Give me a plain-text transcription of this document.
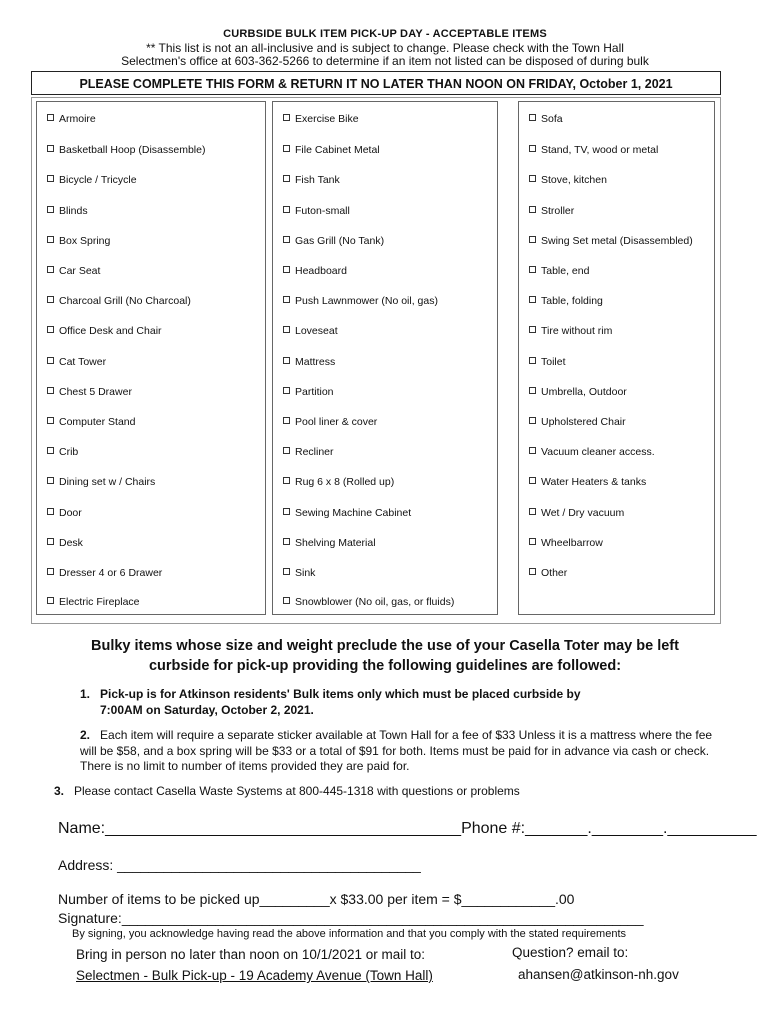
CURBSIDE BULK ITEM PICK-UP DAY - ACCEPTABLE ITEMS
** This list is not an all-inclusive and is subject to change. Please check with the Town Hall
Selectmen's office at 603-362-5266 to determine if an item not listed can be disposed of during bulk
PLEASE COMPLETE THIS FORM & RETURN IT NO LATER THAN NOON ON FRIDAY, October 1, 2021
Armoire
Basketball Hoop (Disassemble)
Bicycle / Tricycle
Blinds
Box Spring
Car Seat
Charcoal Grill (No Charcoal)
Office Desk and Chair
Cat Tower
Chest 5 Drawer
Computer Stand
Crib
Dining set w / Chairs
Door
Desk
Dresser 4 or 6 Drawer
Electric Fireplace
Exercise Bike
File Cabinet Metal
Fish Tank
Futon-small
Gas Grill (No Tank)
Headboard
Push Lawnmower (No oil, gas)
Loveseat
Mattress
Partition
Pool liner & cover
Recliner
Rug 6 x 8 (Rolled up)
Sewing Machine Cabinet
Shelving Material
Sink
Snowblower (No oil, gas, or fluids)
Sofa
Stand, TV, wood or metal
Stove, kitchen
Stroller
Swing Set metal (Disassembled)
Table, end
Table, folding
Tire without rim
Toilet
Umbrella, Outdoor
Upholstered Chair
Vacuum cleaner access.
Water Heaters & tanks
Wet / Dry vacuum
Wheelbarrow
Other
Bulky items whose size and weight preclude the use of your Casella Toter may be left
curbside for pick-up providing the following guidelines are followed:
1. Pick-up is for Atkinson residents' Bulk items only which must be placed curbside by
7:00AM on Saturday, October 2, 2021.
2. Each item will require a separate sticker available at Town Hall for a fee of $33 Unless it is a mattress where the fee will be $58, and a box spring will be $33 or a total of $91 for both. Items must be paid for in advance via cash or check. There is no limit to number of items provided they are paid for.
3. Please contact Casella Waste Systems at 800-445-1318 with questions or problems
Name:________________________________________Phone #:_______.________.__________
Address: _______________________________________
Number of items to be picked up_________x $33.00 per item = $____________.00
Signature:___________________________________________________________________
By signing, you acknowledge having read the above information and that you comply with the stated requirements
Bring in person no later than noon on 10/1/2021 or mail to:
Selectmen - Bulk Pick-up - 19 Academy Avenue (Town Hall)
Question? email to:
ahansen@atkinson-nh.gov
